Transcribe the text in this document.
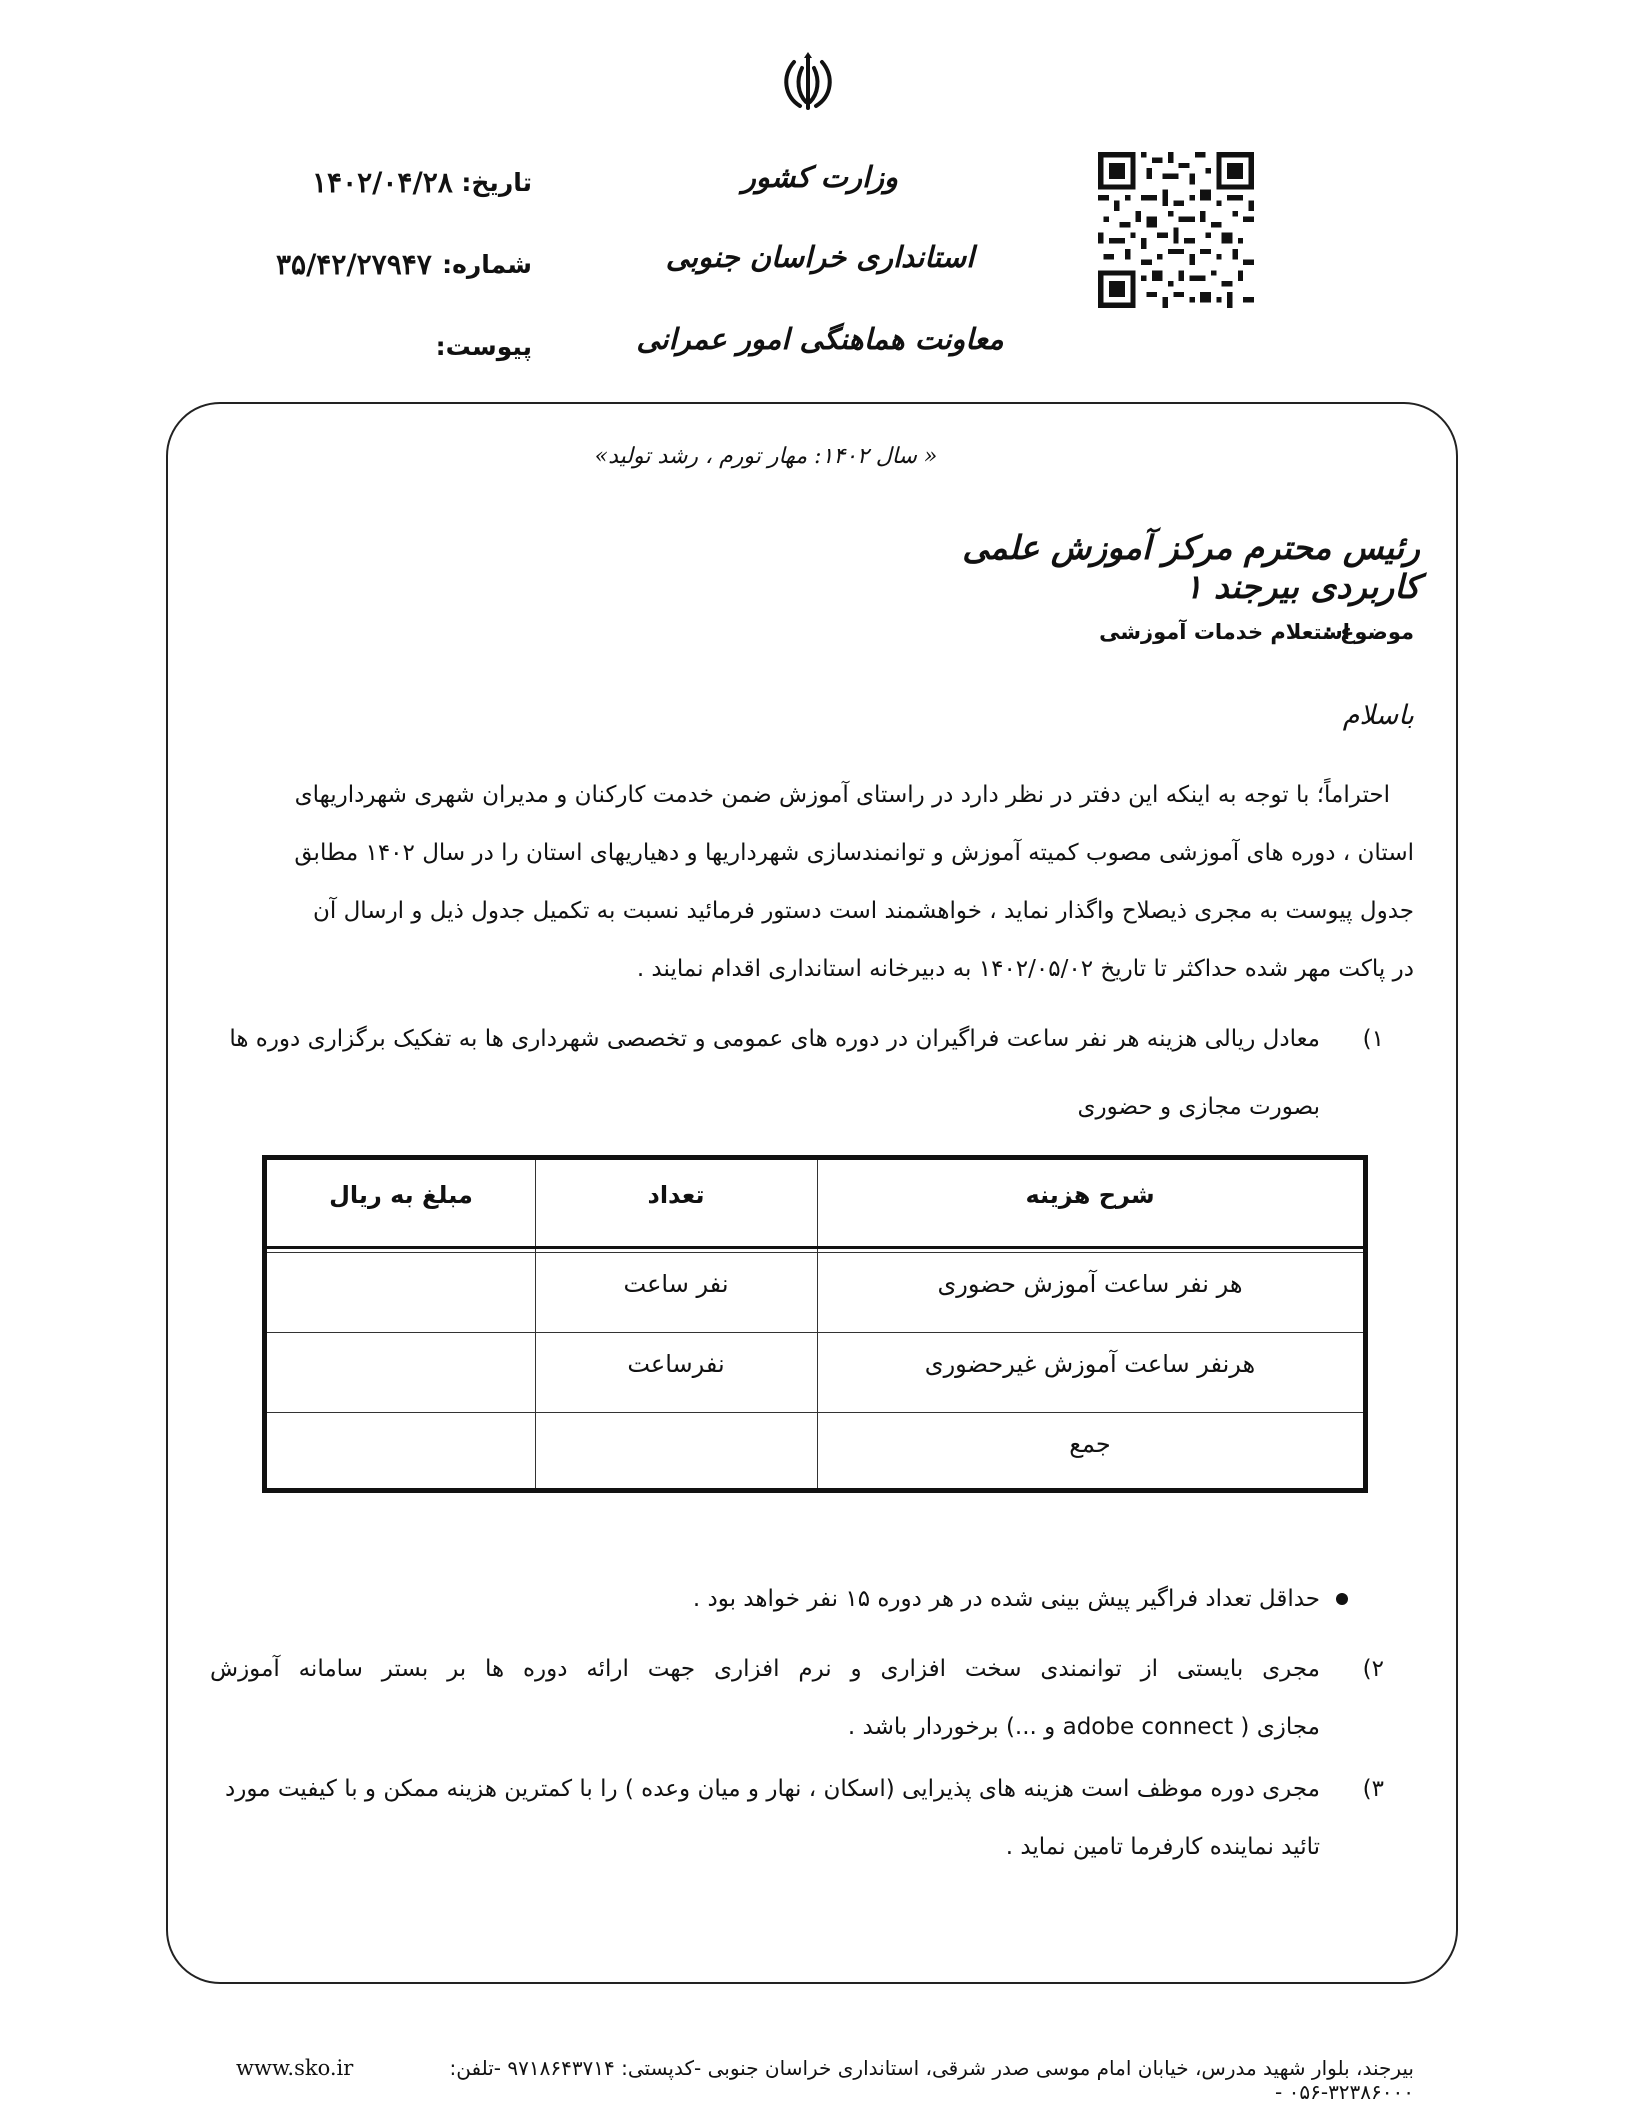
وزارت کشور
استانداری خراسان جنوبی
معاونت هماهنگی امور عمرانی
تاریخ:
۱۴۰۲/۰۴/۲۸
شماره:
۳۵/۴۲/۲۷۹۴۷
پیوست:
« سال ۱۴۰۲: مهار تورم ، رشد تولید»
رئیس محترم مرکز آموزش علمی کاربردی بیرجند ۱
موضوع :
استعلام خدمات آموزشی
باسلام
احتراماً؛ با توجه به اینکه این دفتر در نظر دارد در راستای آموزش ضمن خدمت کارکنان و مدیران شهری شهرداریهای
استان ، دوره های آموزشی مصوب کمیته آموزش و توانمندسازی شهرداریها و دهیاریهای استان را در سال ۱۴۰۲ مطابق
جدول پیوست به مجری ذیصلاح واگذار نماید ، خواهشمند است دستور فرمائید نسبت به تکمیل جدول ذیل و ارسال آن
در پاکت مهر شده حداکثر تا تاریخ ۱۴۰۲/۰۵/۰۲ به دبیرخانه استانداری اقدام نمایند .
۱)
معادل ریالی هزینه هر نفر ساعت فراگیران در دوره های عمومی و تخصصی شهرداری ها به تفکیک برگزاری دوره ها
بصورت مجازی و حضوری
شرح هزینه
تعداد
مبلغ به ریال
هر نفر ساعت آموزش حضوری
نفر ساعت
هرنفر ساعت آموزش غیرحضوری
نفرساعت
جمع
حداقل تعداد فراگیر پیش بینی شده در هر دوره ۱۵ نفر خواهد بود .
۲)
مجری بایستی از توانمندی سخت افزاری و نرم افزاری جهت ارائه دوره ها بر بستر سامانه آموزش
مجازی ( adobe connect و ...) برخوردار باشد .
۳)
مجری دوره موظف است هزینه های پذیرایی (اسکان ، نهار و میان وعده ) را با کمترین هزینه ممکن و با کیفیت مورد
تائید نماینده کارفرما تامین نماید .
بیرجند، بلوار شهید مدرس، خیابان امام موسی صدر شرقی، استانداری خراسان جنوبی -کدپستی: ۹۷۱۸۶۴۳۷۱۴ -تلفن: ۳۲۳۸۶۰۰۰-۰۵۶ -
www.sko.ir
